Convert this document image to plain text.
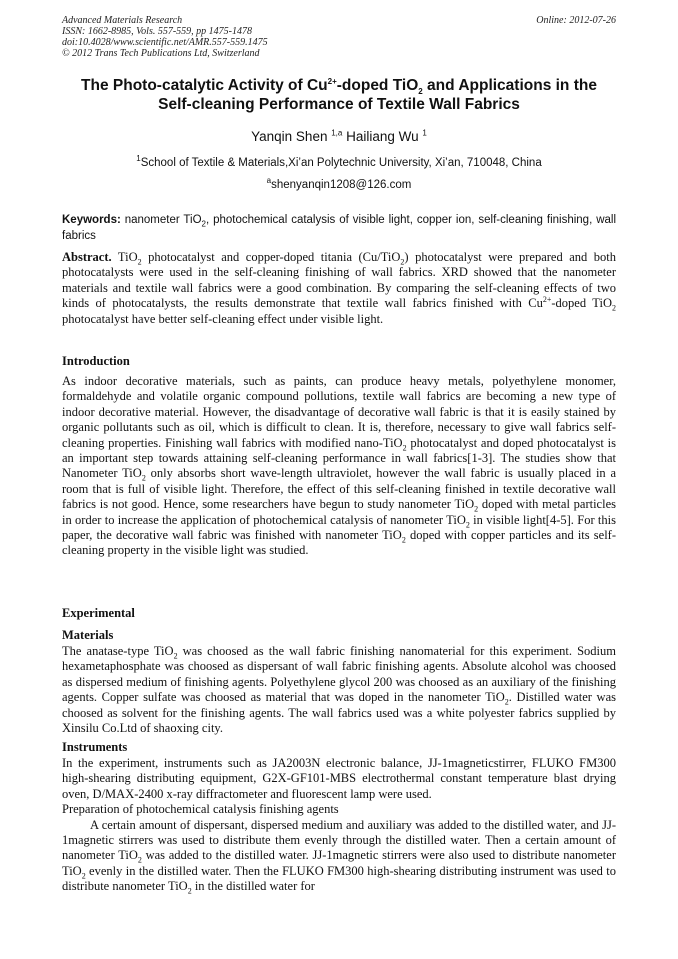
Advanced Materials Research
ISSN: 1662-8985, Vols. 557-559, pp 1475-1478
doi:10.4028/www.scientific.net/AMR.557-559.1475
© 2012 Trans Tech Publications Ltd, Switzerland
Online: 2012-07-26
The Photo-catalytic Activity of $Cu^{2+}$-doped TiO$_2$ and Applications in the
Self-cleaning Performance of Textile Wall Fabrics
Yanqin Shen $^{1,a}$ Hailiang Wu $^1$
$^1$School of Textile & Materials,Xi’an Polytechnic University, Xi’an, 710048, China
$^a$shenyanqin1208@126.com
Keywords: nanometer TiO$_2$, photochemical catalysis of visible light, copper ion, self-cleaning finishing, wall fabrics
Abstract. TiO$_2$ photocatalyst and copper-doped titania (Cu/TiO$_2$) photocatalyst were prepared and both photocatalysts were used in the self-cleaning finishing of wall fabrics. XRD showed that the nanometer materials and textile wall fabrics were a good combination. By comparing the self-cleaning effects of two kinds of photocatalysts, the results demonstrate that textile wall fabrics finished with $Cu^{2+}$-doped TiO$_2$ photocatalyst have better self-cleaning effect under visible light.
Introduction
As indoor decorative materials, such as paints, can produce heavy metals, polyethylene monomer, formaldehyde and volatile organic compound pollutions, textile wall fabrics are becoming a new type of indoor decorative material. However, the disadvantage of decorative wall fabric is that it is easily stained by organic pollutants such as oil, which is difficult to clean. It is, therefore, necessary to give wall fabrics self-cleaning properties. Finishing wall fabrics with modified nano-TiO$_2$ photocatalyst and doped photocatalyst is an important step towards attaining self-cleaning performance in wall fabrics[1-3]. The studies show that Nanometer TiO$_2$ only absorbs short wave-length ultraviolet, however the wall fabric is usually placed in a room that is full of visible light. Therefore, the effect of this self-cleaning finished in textile decorative wall fabrics is not good. Hence, some researchers have begun to study nanometer TiO$_2$ doped with metal particles in order to increase the application of photochemical catalysis of nanometer TiO$_2$ in visible light[4-5]. For this paper, the decorative wall fabric was finished with nanometer TiO$_2$ doped with copper particles and its self-cleaning property in the visible light was studied.
Experimental
Materials
The anatase-type TiO$_2$ was choosed as the wall fabric finishing nanomaterial for this experiment. Sodium hexametaphosphate was choosed as dispersant of wall fabric finishing agents. Absolute alcohol was choosed as dispersed medium of finishing agents. Polyethylene glycol 200 was choosed as an auxiliary of the finishing agents. Copper sulfate was choosed as material that was doped in the nanometer TiO$_2$. Distilled water was choosed as solvent for the finishing agents. The wall fabrics used was a white polyester fabrics supplied by Xinsilu Co.Ltd of shaoxing city.
Instruments
In the experiment, instruments such as JA2003N electronic balance, JJ-1magneticstirrer, FLUKO FM300 high-shearing distributing equipment, G2X-GF101-MBS electrothermal constant temperature blast drying oven, D/MAX-2400 x-ray diffractometer and fluorescent lamp were used.
Preparation of photochemical catalysis finishing agents
A certain amount of dispersant, dispersed medium and auxiliary was added to the distilled water, and JJ-1magnetic stirrers was used to distribute them evenly through the distilled water. Then a certain amount of nanometer TiO$_2$ was added to the distilled water. JJ-1magnetic stirrers were also used to distribute nanometer TiO$_2$ evenly in the distilled water. Then the FLUKO FM300 high-shearing distributing instrument was used to distribute nanometer TiO$_2$ in the distilled water for
